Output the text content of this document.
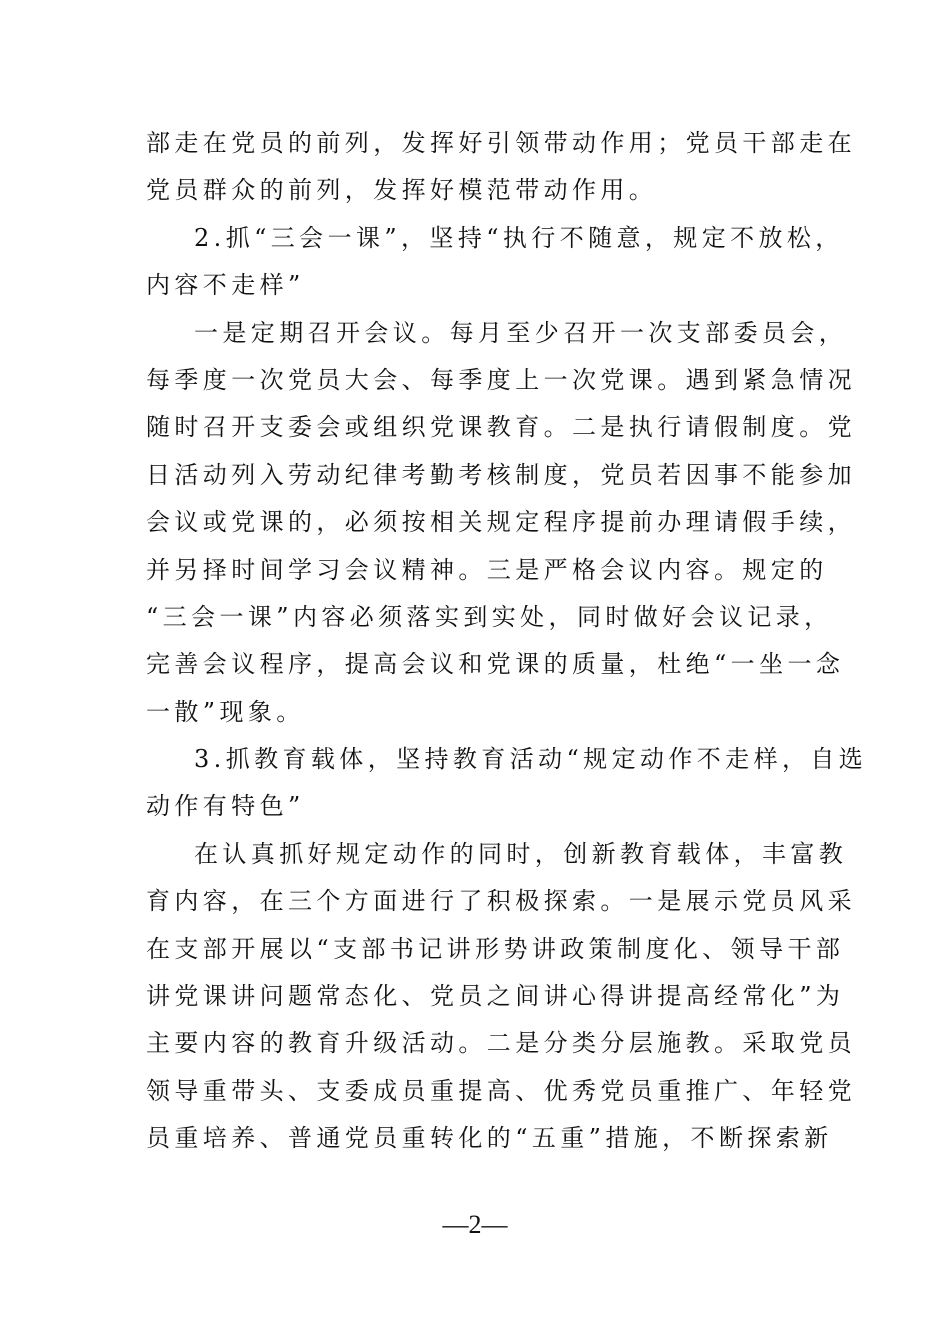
部走在党员的前列，发挥好引领带动作用；党员干部走在
党员群众的前列，发挥好模范带动作用。
2.抓“三会一课”，坚持“执行不随意，规定不放松，
内容不走样”
一是定期召开会议。每月至少召开一次支部委员会，
每季度一次党员大会、每季度上一次党课。遇到紧急情况
随时召开支委会或组织党课教育。二是执行请假制度。党
日活动列入劳动纪律考勤考核制度，党员若因事不能参加
会议或党课的，必须按相关规定程序提前办理请假手续，
并另择时间学习会议精神。三是严格会议内容。规定的
“三会一课”内容必须落实到实处，同时做好会议记录，
完善会议程序，提高会议和党课的质量，杜绝“一坐一念
一散”现象。
3.抓教育载体，坚持教育活动“规定动作不走样，自选
动作有特色”
在认真抓好规定动作的同时，创新教育载体，丰富教
育内容，在三个方面进行了积极探索。一是展示党员风采
在支部开展以“支部书记讲形势讲政策制度化、领导干部
讲党课讲问题常态化、党员之间讲心得讲提高经常化”为
主要内容的教育升级活动。二是分类分层施教。采取党员
领导重带头、支委成员重提高、优秀党员重推广、年轻党
员重培养、普通党员重转化的“五重”措施，不断探索新
—2—
